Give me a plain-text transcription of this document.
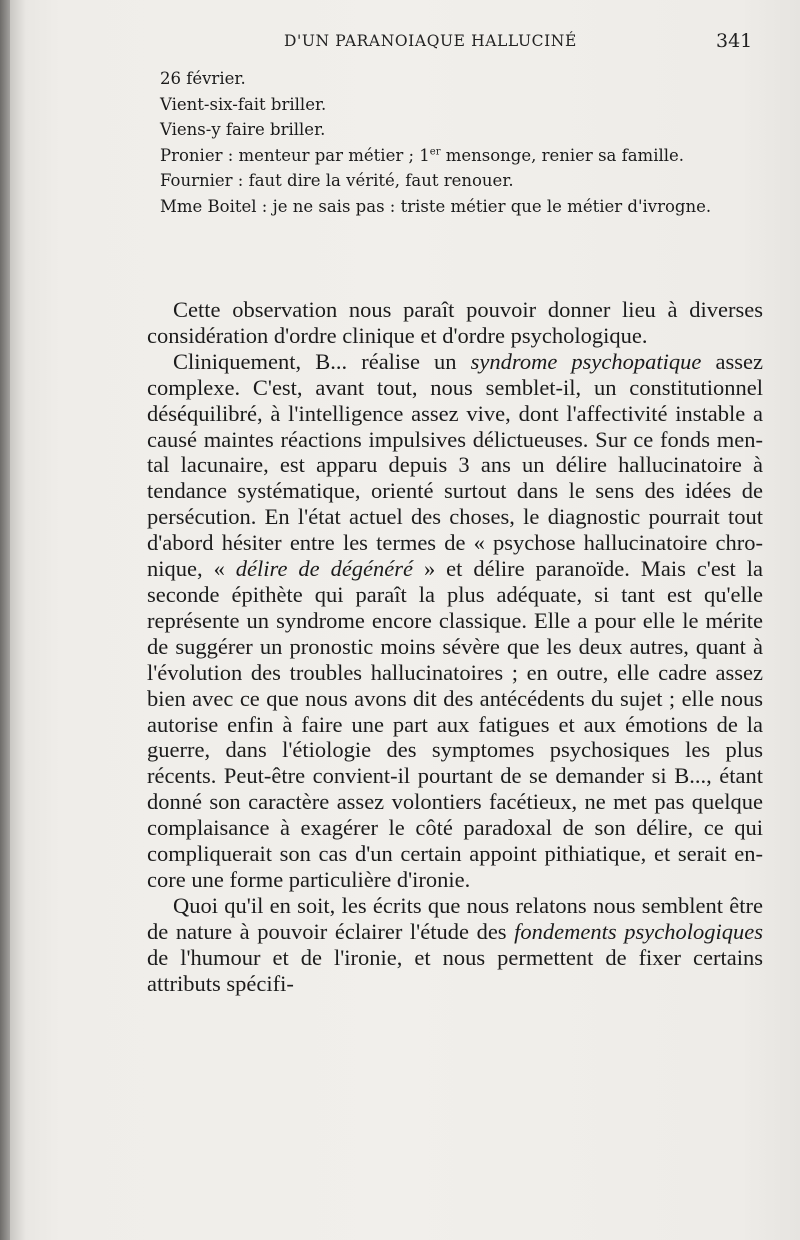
D'UN PARANOIAQUE HALLUCINÉ	341

26 février.

Vient-six-fait briller.

Viens-y faire briller.

Pronier : menteur par métier ; 1er mensonge, renier sa famille.

Fournier : faut dire la vérité, faut renouer.

Mme Boitel : je ne sais pas : triste métier que le métier d'ivrogne.

Cette observation nous paraît pouvoir donner lieu à diverses considération d'ordre clinique et d'ordre psychologique.

Cliniquement, B... réalise un syndrome psychopatique assez complexe. C'est, avant tout, nous semblet-il, un constitutionnel déséquilibré, à l'intelligence assez vive, dont l'affectivité instable a causé maintes réactions impulsives délictueuses. Sur ce fonds mental lacunaire, est apparu depuis 3 ans un délire hallucinatoire à tendance systématique, orienté surtout dans le sens des idées de persécution. En l'état actuel des choses, le diagnostic pourrait tout d'abord hésiter entre les termes de « psychose hallucinatoire chronique, « délire de dégénéré » et délire paranoïde. Mais c'est la seconde épithète qui paraît la plus adéquate, si tant est qu'elle représente un syndrome encore classique. Elle a pour elle le mérite de suggérer un pronostic moins sévère que les deux autres, quant à l'évolution des troubles hallucinatoires ; en outre, elle cadre assez bien avec ce que nous avons dit des antécédents du sujet ; elle nous autorise enfin à faire une part aux fatigues et aux émotions de la guerre, dans l'étiologie des symptomes psychosiques les plus récents. Peut-être convient-il pourtant de se demander si B..., étant donné son caractère assez volontiers facétieux, ne met pas quelque complaisance à exagérer le côté paradoxal de son délire, ce qui compliquerait son cas d'un certain appoint pithiatique, et serait encore une forme particulière d'ironie.

Quoi qu'il en soit, les écrits que nous relatons nous semblent être de nature à pouvoir éclairer l'étude des fondements psychologiques de l'humour et de l'ironie, et nous permettent de fixer certains attributs spécifi-
